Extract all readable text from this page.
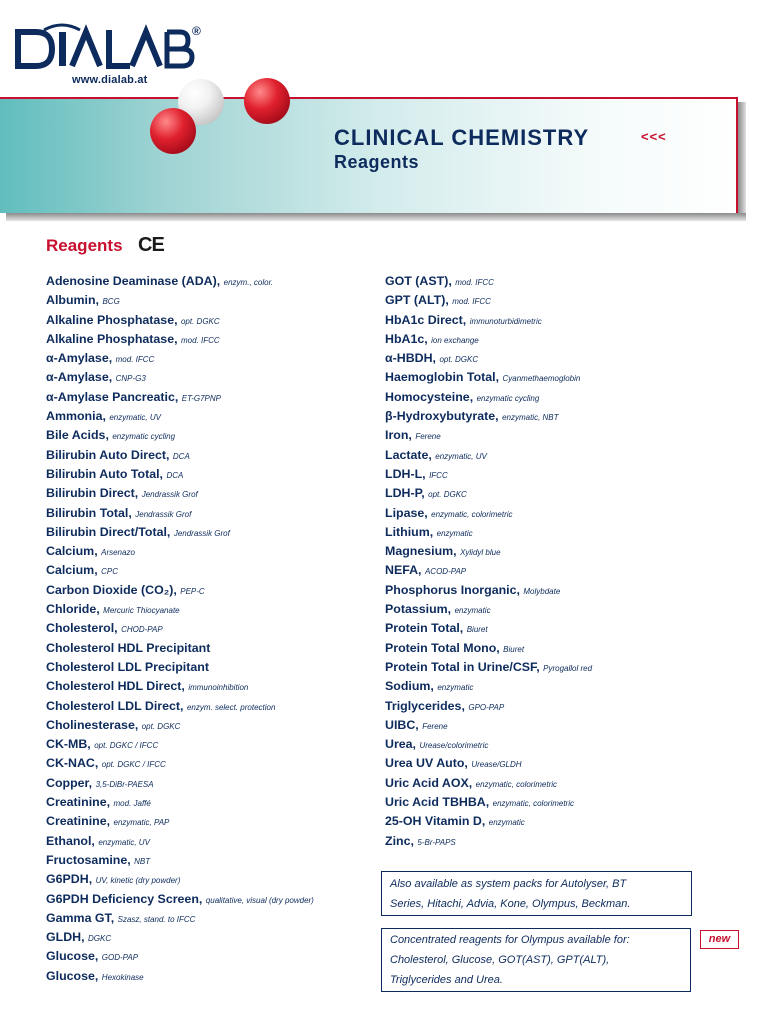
®
www.dialab.at
CLINICAL CHEMISTRY	<<<
Reagents
Reagents CE
Adenosine Deaminase (ADA), enzym., color.
Albumin, BCG
Alkaline Phosphatase, opt. DGKC
Alkaline Phosphatase, mod. IFCC
α-Amylase, mod. IFCC
α-Amylase, CNP-G3
α-Amylase Pancreatic, ET-G7PNP
Ammonia, enzymatic, UV
Bile Acids, enzymatic cycling
Bilirubin Auto Direct, DCA
Bilirubin Auto Total, DCA
Bilirubin Direct, Jendrassik Grof
Bilirubin Total, Jendrassik Grof
Bilirubin Direct/Total, Jendrassik Grof
Calcium, Arsenazo
Calcium, CPC
Carbon Dioxide (CO₂), PEP-C
Chloride, Mercuric Thiocyanate
Cholesterol, CHOD-PAP
Cholesterol HDL Precipitant
Cholesterol LDL Precipitant
Cholesterol HDL Direct, immunoinhibition
Cholesterol LDL Direct, enzym. select. protection
Cholinesterase, opt. DGKC
CK-MB, opt. DGKC / IFCC
CK-NAC, opt. DGKC / IFCC
Copper, 3,5-DiBr-PAESA
Creatinine, mod. Jaffé
Creatinine, enzymatic, PAP
Ethanol, enzymatic, UV
Fructosamine, NBT
G6PDH, UV, kinetic (dry powder)
G6PDH Deficiency Screen, qualitative, visual (dry powder)
Gamma GT, Szasz, stand. to IFCC
GLDH, DGKC
Glucose, GOD-PAP
Glucose, Hexokinase
GOT (AST), mod. IFCC
GPT (ALT), mod. IFCC
HbA1c Direct, immunoturbidimetric
HbA1c, ion exchange
α-HBDH, opt. DGKC
Haemoglobin Total, Cyanmethaemoglobin
Homocysteine, enzymatic cycling
β-Hydroxybutyrate, enzymatic, NBT
Iron, Ferene
Lactate, enzymatic, UV
LDH-L, IFCC
LDH-P, opt. DGKC
Lipase, enzymatic, colorimetric
Lithium, enzymatic
Magnesium, Xylidyl blue
NEFA, ACOD-PAP
Phosphorus Inorganic, Molybdate
Potassium, enzymatic
Protein Total, Biuret
Protein Total Mono, Biuret
Protein Total in Urine/CSF, Pyrogallol red
Sodium, enzymatic
Triglycerides, GPO-PAP
UIBC, Ferene
Urea, Urease/colorimetric
Urea UV Auto, Urease/GLDH
Uric Acid AOX, enzymatic, colorimetric
Uric Acid TBHBA, enzymatic, colorimetric
25-OH Vitamin D, enzymatic
Zinc, 5-Br-PAPS
Also available as system packs for Autolyser, BT
Series, Hitachi, Advia, Kone, Olympus, Beckman.
Concentrated reagents for Olympus available for:
Cholesterol, Glucose, GOT(AST), GPT(ALT),
Triglycerides and Urea.
new
